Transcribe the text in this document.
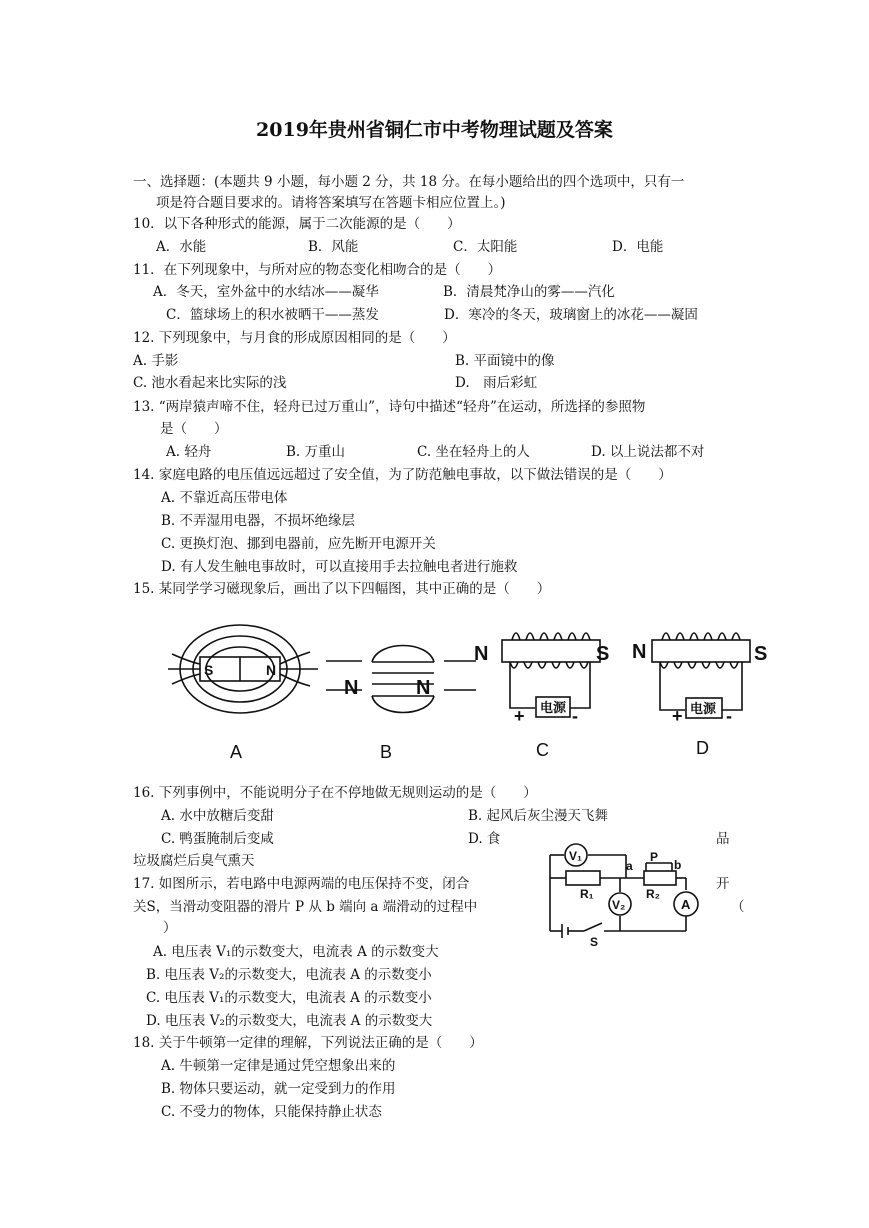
2019年贵州省铜仁市中考物理试题及答案
一、选择题：(本题共 9 小题，每小题 2 分，共 18 分。在每小题给出的四个选项中，只有一
项是符合题目要求的。请将答案填写在答题卡相应位置上。)
10．以下各种形式的能源，属于二次能源的是（　　）
A．水能	B．风能	C．太阳能	D．电能
11．在下列现象中，与所对应的物态变化相吻合的是（　　）
A．冬天，室外盆中的水结冰——凝华	B．清晨梵净山的雾——汽化
C．篮球场上的积水被晒干——蒸发	D．寒冷的冬天，玻璃窗上的冰花——凝固
12. 下列现象中，与月食的形成原因相同的是（　　）
A. 手影	B. 平面镜中的像
C. 池水看起来比实际的浅	D.　雨后彩虹
13. “两岸猿声啼不住，轻舟已过万重山”，诗句中描述“轻舟”在运动，所选择的参照物
是（　　）
A. 轻舟	B. 万重山	C. 坐在轻舟上的人	D. 以上说法都不对
14. 家庭电路的电压值远远超过了安全值，为了防范触电事故，以下做法错误的是（　　）
A. 不靠近高压带电体
B. 不弄湿用电器，不损坏绝缘层
C. 更换灯泡、挪到电器前，应先断开电源开关
D. 有人发生触电事故时，可以直接用手去拉触电者进行施救
15. 某同学学习磁现象后，画出了以下四幅图，其中正确的是（　　）
S	N
N	N
N	S
电源
+	-
N	S
电源
+ -
A	B	C	D
16. 下列事例中，不能说明分子在不停地做无规则运动的是（　　）
A. 水中放糖后变甜	B. 起风后灰尘漫天飞舞
C. 鸭蛋腌制后变咸	D. 食	品
垃圾腐烂后臭气熏天
17. 如图所示，若电路中电源两端的电压保持不变，闭合	开
关S，当滑动变阻器的滑片 P 从 b 端向 a 端滑动的过程中	（
）
A. 电压表 V₁的示数变大，电流表 A 的示数变大
B. 电压表 V₂的示数变大，电流表 A 的示数变小
C. 电压表 V₁的示数变大，电流表 A 的示数变小
D. 电压表 V₂的示数变大，电流表 A 的示数变大
V₁
R₁
V₂
R₂
A
a	b
P
S
18. 关于牛顿第一定律的理解，下列说法正确的是（　　）
A. 牛顿第一定律是通过凭空想象出来的
B. 物体只要运动，就一定受到力的作用
C. 不受力的物体，只能保持静止状态
